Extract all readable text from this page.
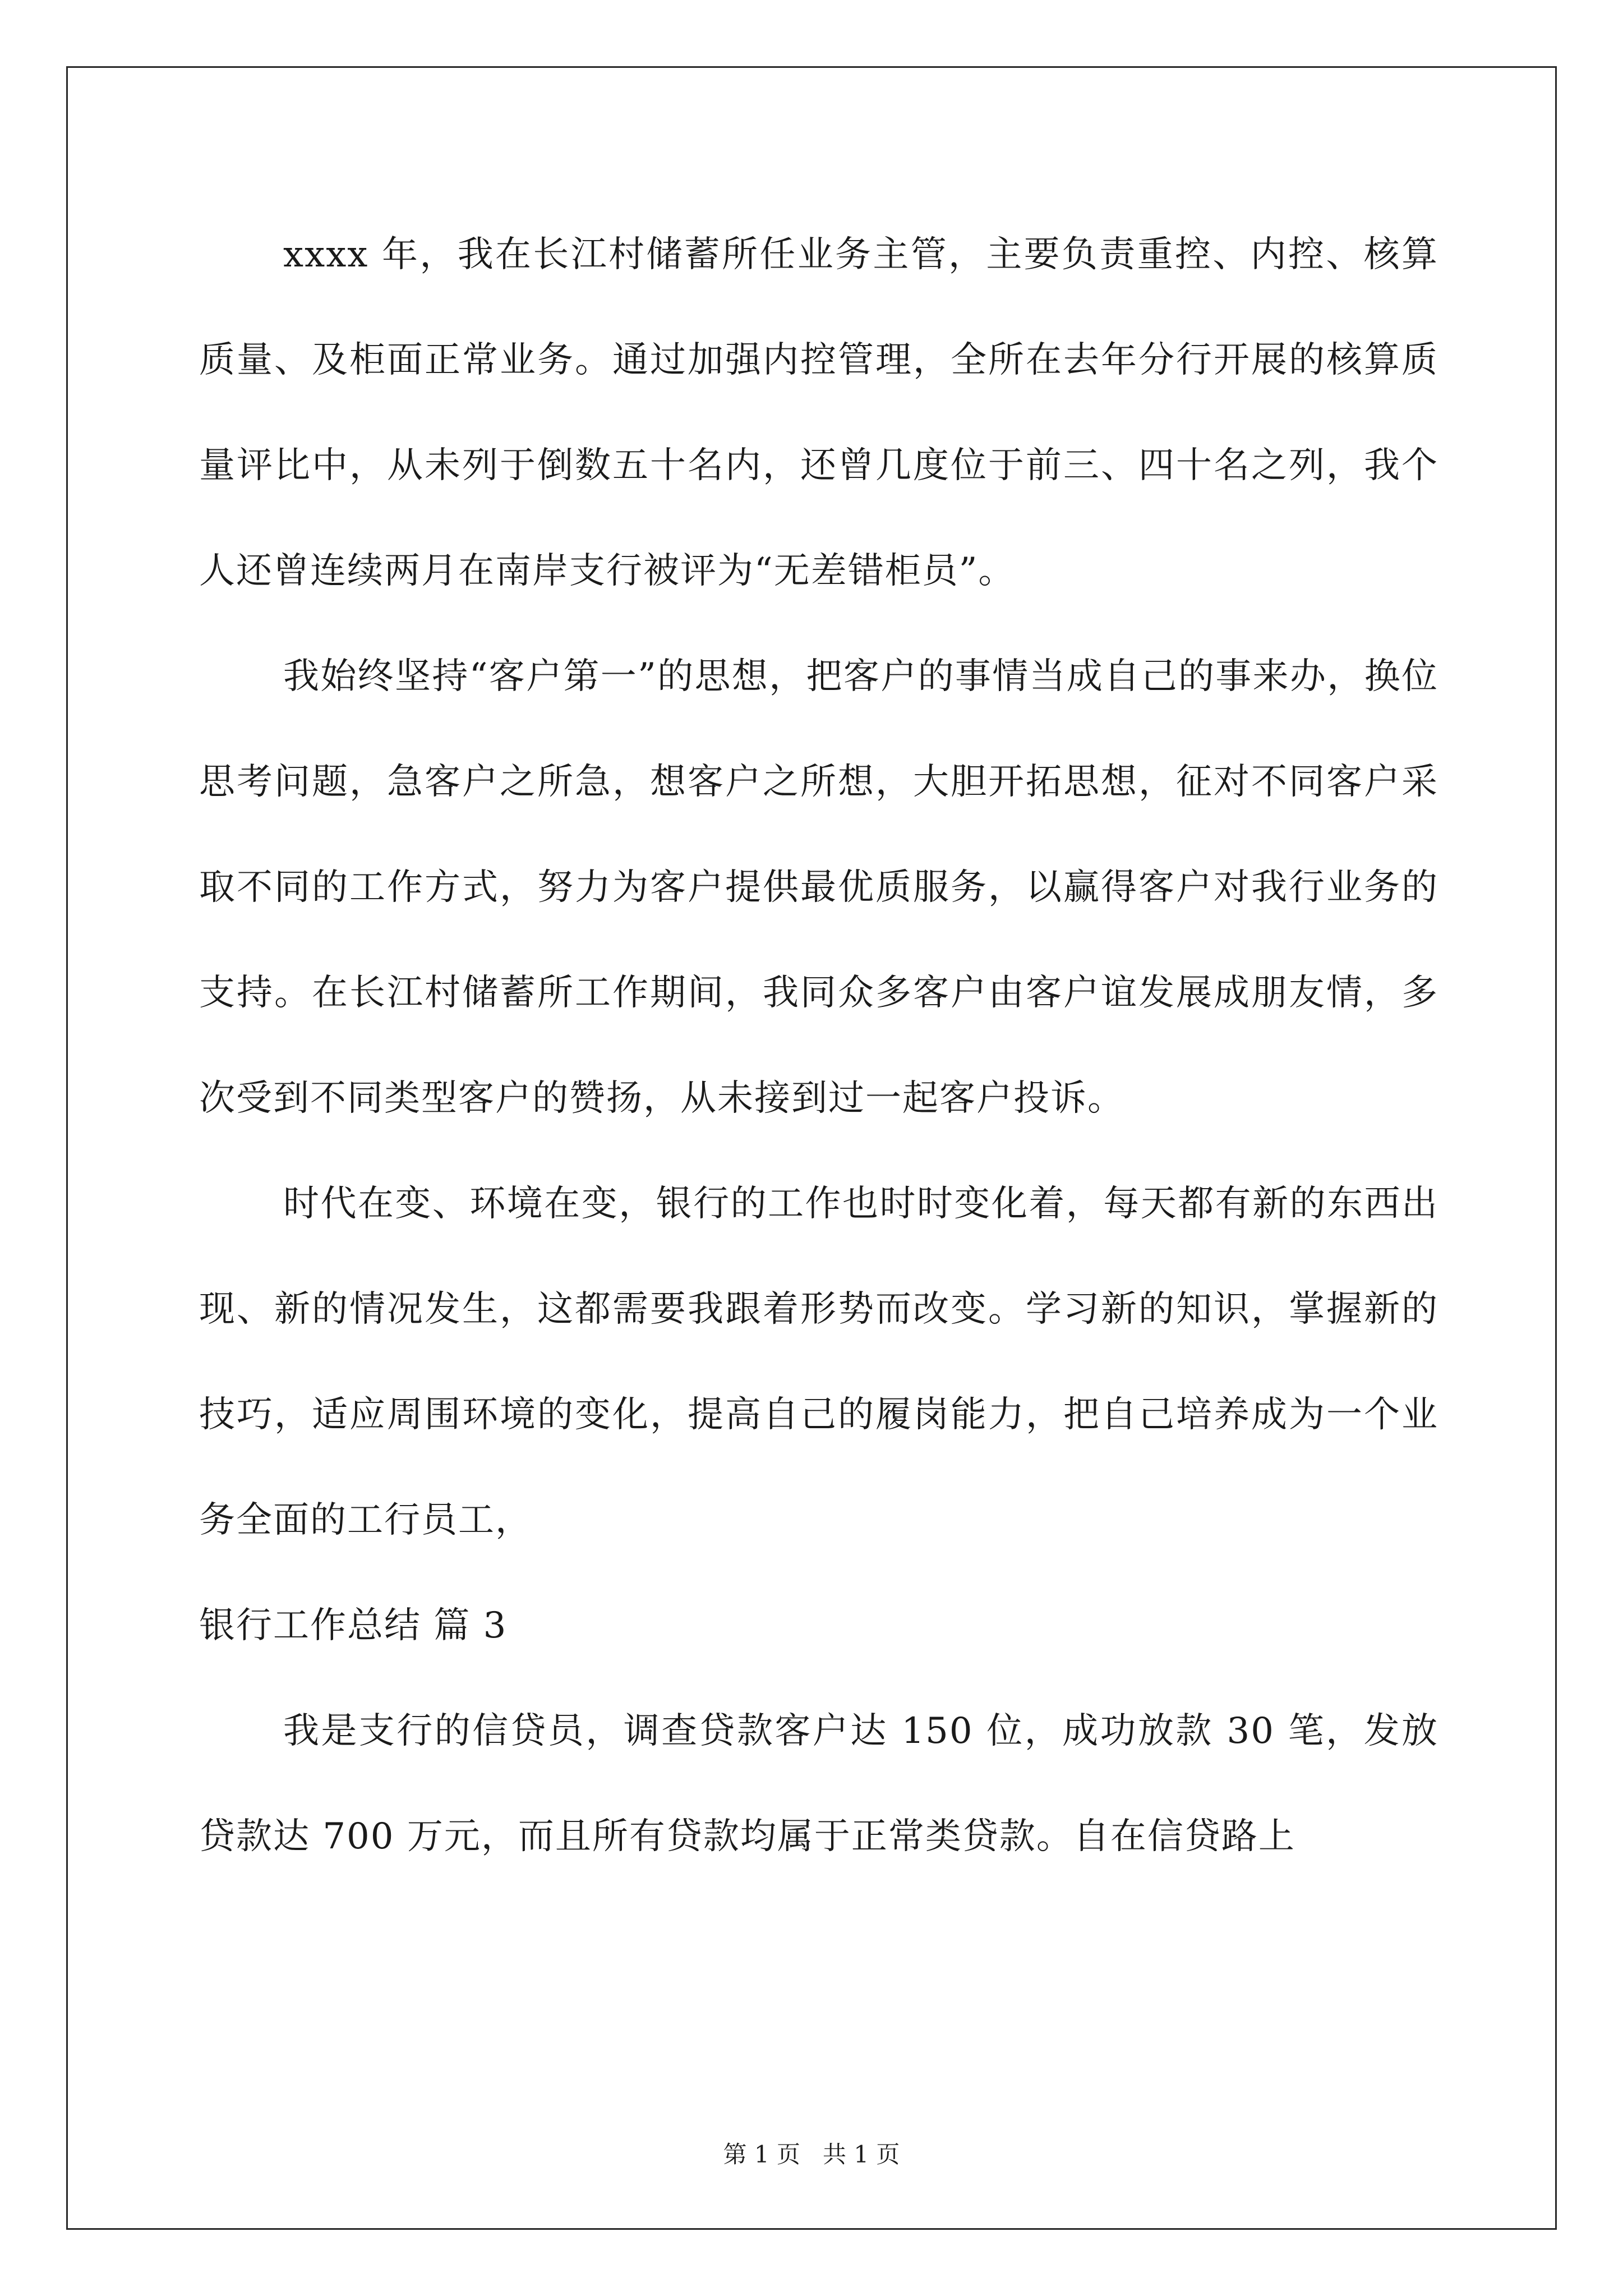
xxxx 年，我在长江村储蓄所任业务主管，主要负责重控、内控、核算质量、及柜面正常业务。通过加强内控管理，全所在去年分行开展的核算质量评比中，从未列于倒数五十名内，还曾几度位于前三、四十名之列，我个人还曾连续两月在南岸支行被评为“无差错柜员”。

我始终坚持“客户第一”的思想，把客户的事情当成自己的事来办，换位思考问题，急客户之所急，想客户之所想，大胆开拓思想，征对不同客户采取不同的工作方式，努力为客户提供最优质服务，以赢得客户对我行业务的支持。在长江村储蓄所工作期间，我同众多客户由客户谊发展成朋友情，多次受到不同类型客户的赞扬，从未接到过一起客户投诉。

时代在变、环境在变，银行的工作也时时变化着，每天都有新的东西出现、新的情况发生，这都需要我跟着形势而改变。学习新的知识，掌握新的技巧，适应周围环境的变化，提高自己的履岗能力，把自己培养成为一个业务全面的工行员工，

银行工作总结 篇 3

我是支行的信贷员，调查贷款客户达 150 位，成功放款 30 笔，发放贷款达 700 万元，而且所有贷款均属于正常类贷款。自在信贷路上

第 1 页 共 1 页
